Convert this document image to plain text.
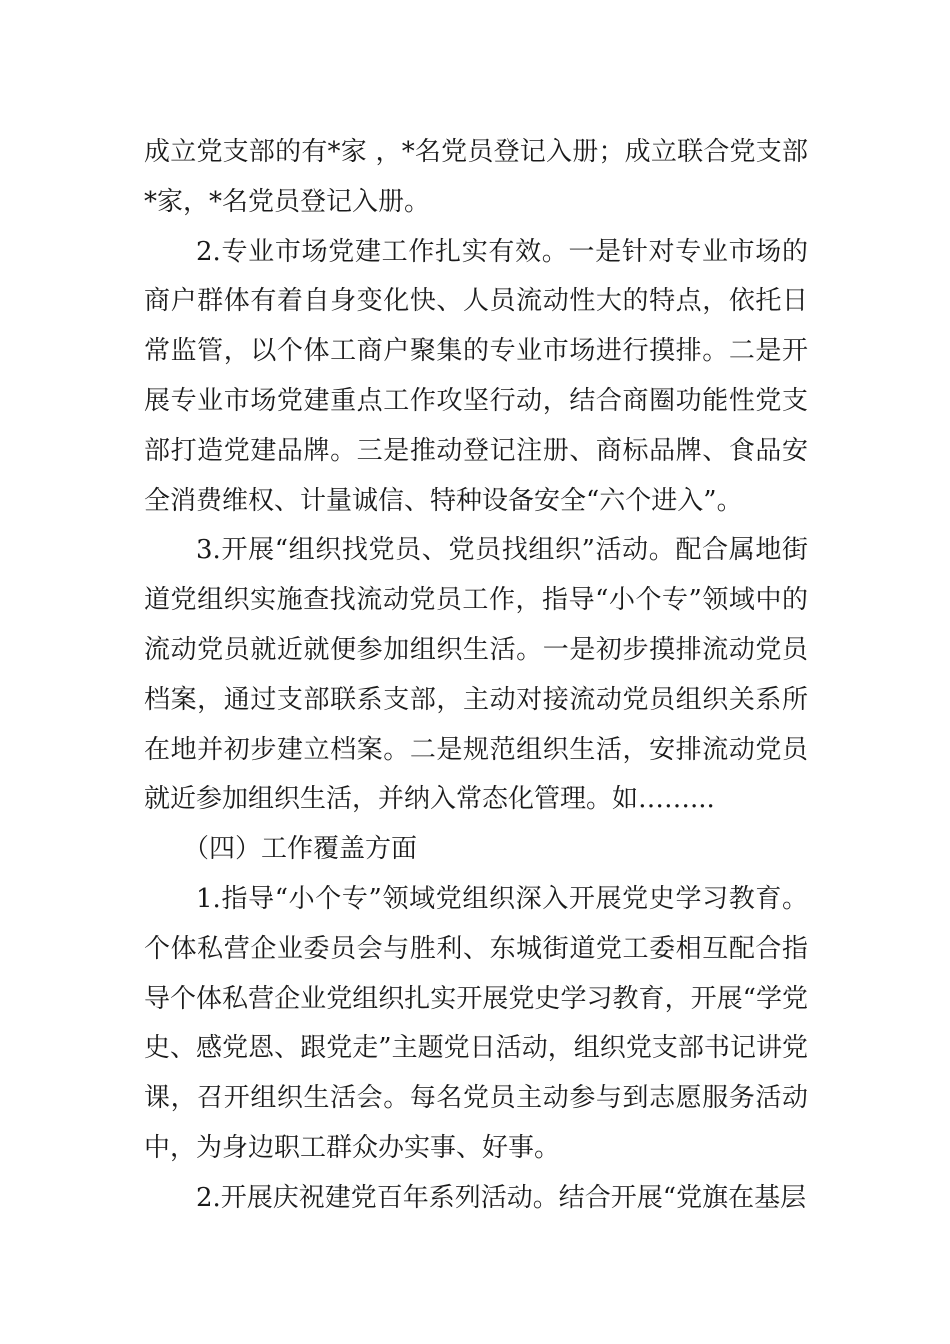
成立党支部的有*家 ，*名党员登记入册；成立联合党支部*家，*名党员登记入册。

2.专业市场党建工作扎实有效。一是针对专业市场的商户群体有着自身变化快、人员流动性大的特点，依托日常监管，以个体工商户聚集的专业市场进行摸排。二是开展专业市场党建重点工作攻坚行动，结合商圈功能性党支部打造党建品牌。三是推动登记注册、商标品牌、食品安全消费维权、计量诚信、特种设备安全“六个进入”。

3.开展“组织找党员、党员找组织”活动。配合属地街道党组织实施查找流动党员工作，指导“小个专”领域中的流动党员就近就便参加组织生活。一是初步摸排流动党员档案，通过支部联系支部，主动对接流动党员组织关系所在地并初步建立档案。二是规范组织生活，安排流动党员就近参加组织生活，并纳入常态化管理。如……...

（四）工作覆盖方面

1.指导“小个专”领域党组织深入开展党史学习教育。个体私营企业委员会与胜利、东城街道党工委相互配合指导个体私营企业党组织扎实开展党史学习教育，开展“学党史、感党恩、跟党走”主题党日活动，组织党支部书记讲党课，召开组织生活会。每名党员主动参与到志愿服务活动中，为身边职工群众办实事、好事。

2.开展庆祝建党百年系列活动。结合开展“党旗在基层
